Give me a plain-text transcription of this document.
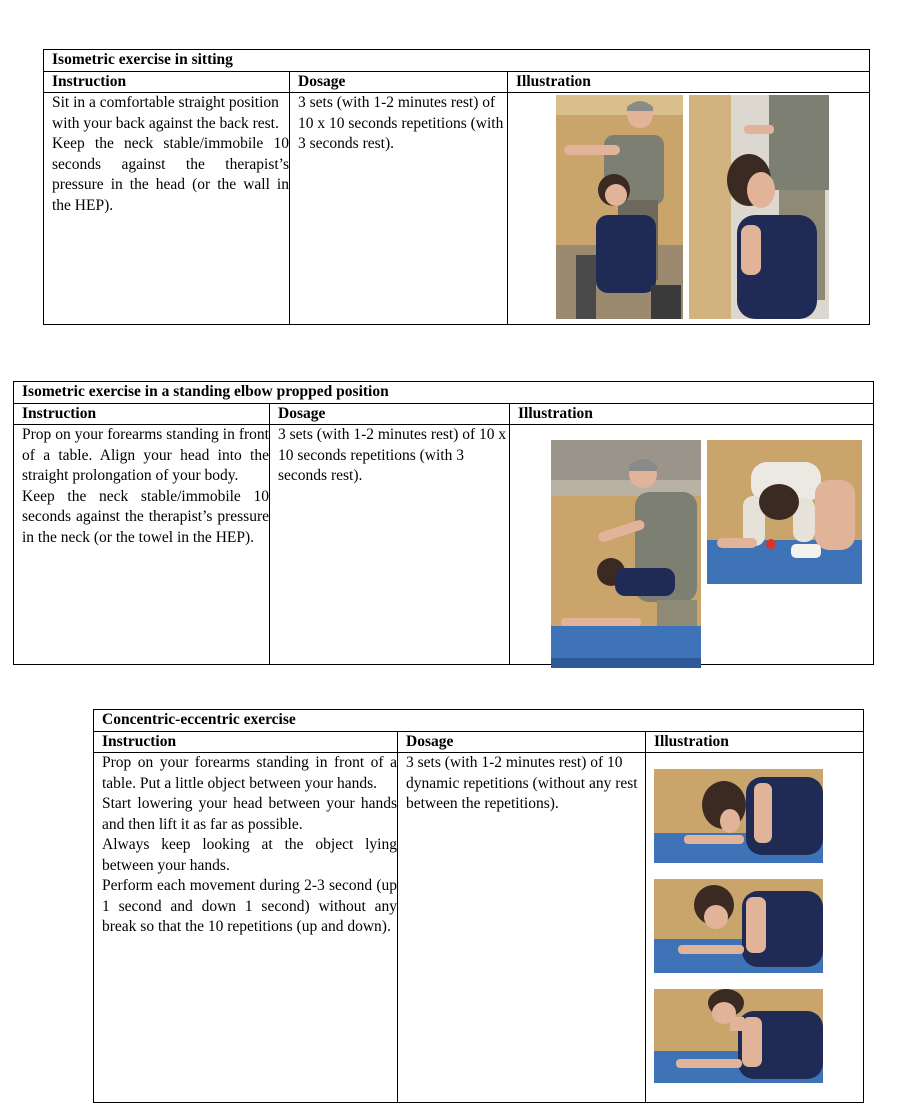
Isometric exercise in sitting		
Instruction	Dosage	Illustration

Sit in a comfortable straight position with your back against the back rest.

Keep the neck stable/immobile 10 seconds against the therapist’s pressure in the head (or the wall in the HEP).	3 sets (with 1-2 minutes rest) of 10 x 10 seconds repetitions (with 3 seconds rest).

Isometric exercise in a standing elbow propped position		
Instruction	Dosage	Illustration

Prop on your forearms standing in front of a table. Align your head into the straight prolongation of your body.

Keep the neck stable/immobile 10 seconds against the therapist’s pressure in the neck (or the towel in the HEP).	3 sets (with 1-2 minutes rest) of 10 x 10 seconds repetitions (with 3 seconds rest).

Concentric-eccentric exercise		
Instruction	Dosage	Illustration

Prop on your forearms standing in front of a table. Put a little object between your hands.

Start lowering your head between your hands and then lift it as far as possible.

Always keep looking at the object lying between your hands.

Perform each movement during 2-3 second (up 1 second and down 1 second) without any break so that the 10 repetitions (up and down).	3 sets (with 1-2 minutes rest) of 10 dynamic repetitions (without any rest between the repetitions).
